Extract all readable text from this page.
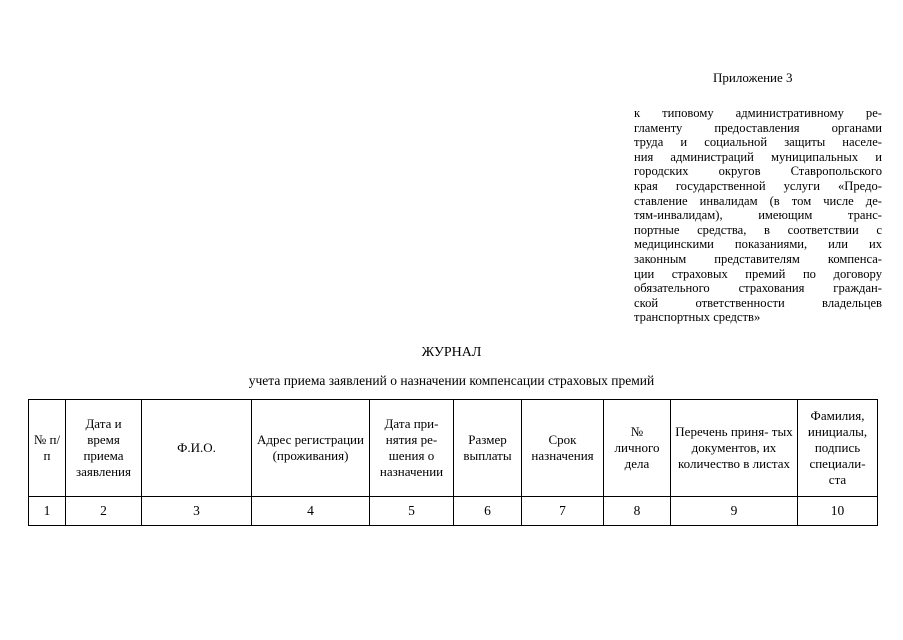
Приложение 3

к типовому административному ре-
гламенту предоставления органами
труда и социальной защиты населе-
ния администраций муниципальных и
городских округов Ставропольского
края государственной услуги «Предо-
ставление инвалидам (в том числе де-
тям-инвалидам), имеющим транс-
портные средства, в соответствии с
медицинскими показаниями, или их
законным представителям компенса-
ции страховых премий по договору
обязательного страхования граждан-
ской ответственности владельцев
транспортных средств»

ЖУРНАЛ
учета приема заявлений о назначении компенсации страховых премий
№ п/п	Дата и время приема заявления	Ф.И.О.	Адрес регистрации (проживания)	Дата при- нятия ре- шения о назначении	Размер выплаты	Срок назначения	№ личного дела	Перечень приня- тых документов, их количество в листах	Фамилия, инициалы, подпись специали- ста
1	2	3	4	5	6	7	8	9	10
